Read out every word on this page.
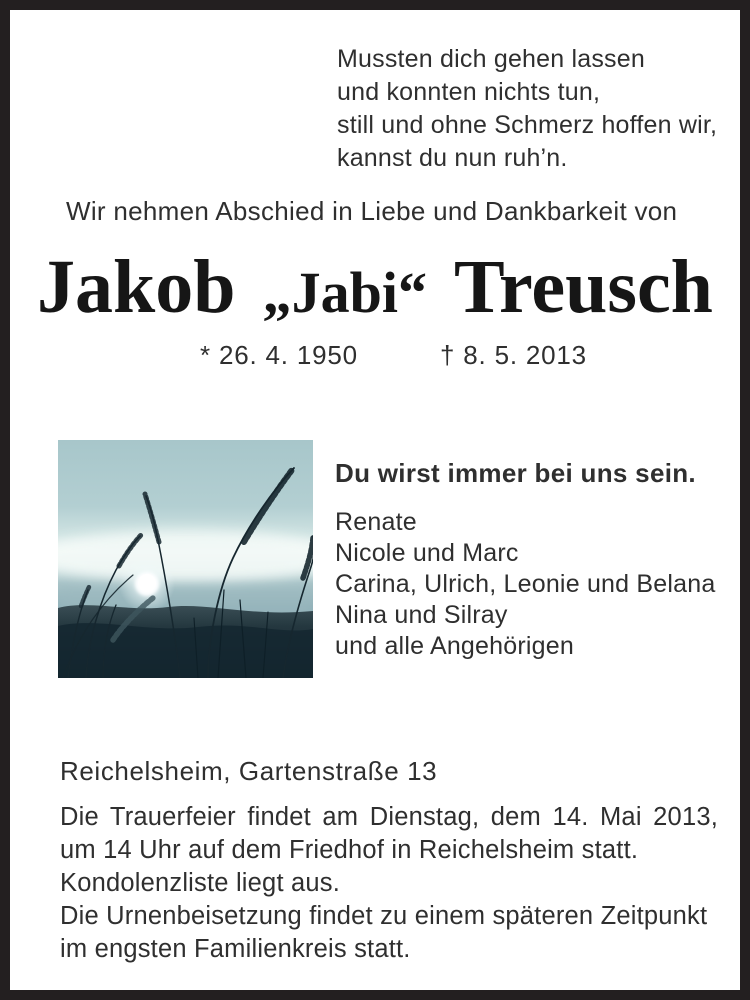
Mussten dich gehen lassen
und konnten nichts tun,
still und ohne Schmerz hoffen wir,
kannst du nun ruh’n.
Wir nehmen Abschied in Liebe und Dankbarkeit von
Jakob „Jabi“ Treusch
* 26. 4. 1950	† 8. 5. 2013
Du wirst immer bei uns sein.
Renate
Nicole und Marc
Carina, Ulrich, Leonie und Belana
Nina und Silray
und alle Angehörigen
Reichelsheim, Gartenstraße 13
Die Trauerfeier findet am Dienstag, dem 14. Mai 2013,
um 14 Uhr auf dem Friedhof in Reichelsheim statt.
Kondolenzliste liegt aus.
Die Urnenbeisetzung findet zu einem späteren Zeitpunkt
im engsten Familienkreis statt.
